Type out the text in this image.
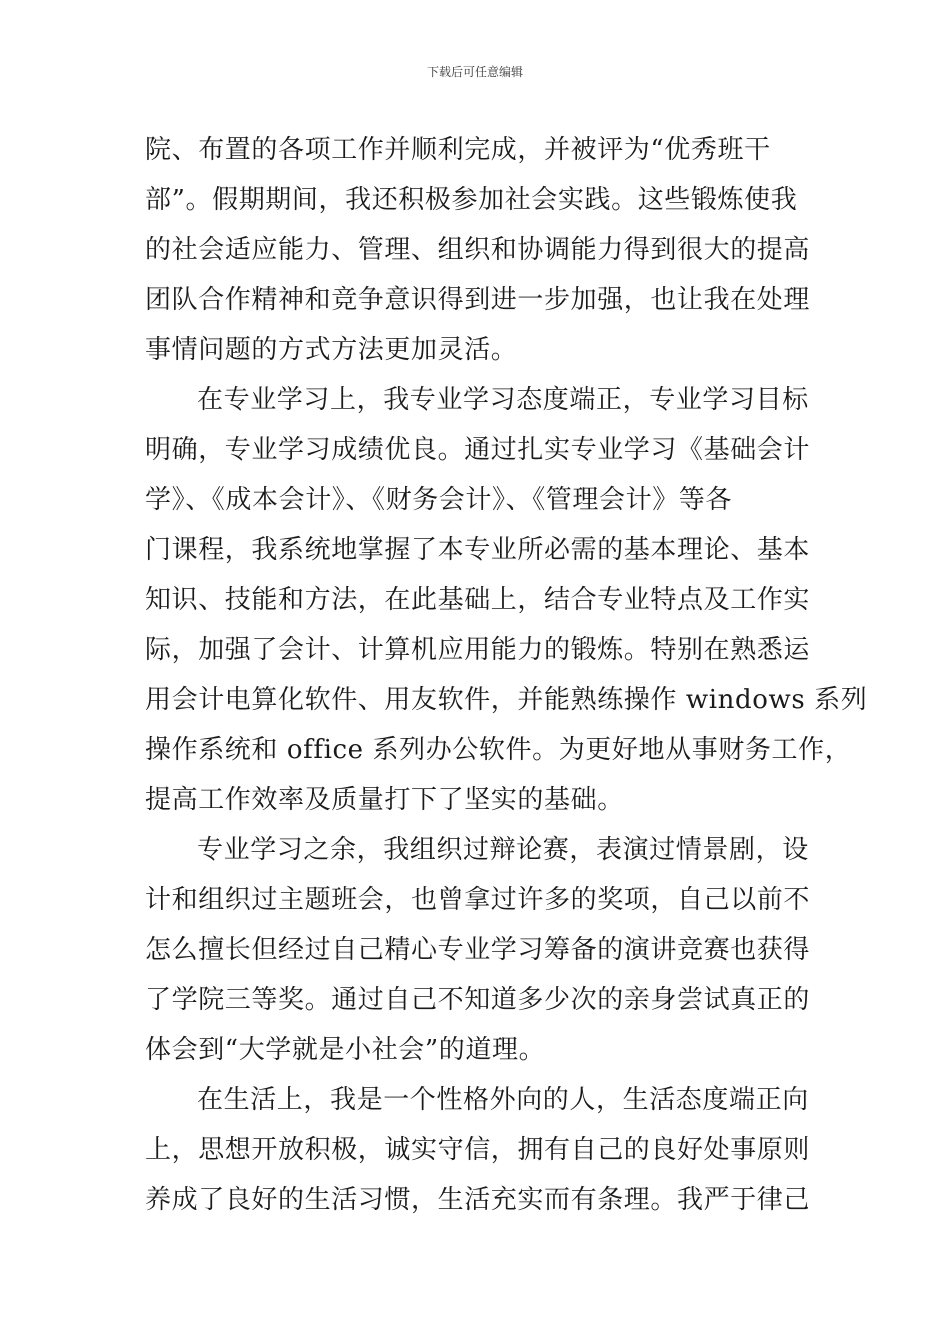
下载后可任意编辑
院、布置的各项工作并顺利完成，并被评为“优秀班干
部”。假期期间，我还积极参加社会实践。这些锻炼使我
的社会适应能力、管理、组织和协调能力得到很大的提高
团队合作精神和竞争意识得到进一步加强，也让我在处理
事情问题的方式方法更加灵活。
在专业学习上，我专业学习态度端正，专业学习目标
明确，专业学习成绩优良。通过扎实专业学习《基础会计
学》、《成本会计》、《财务会计》、《管理会计》等各
门课程，我系统地掌握了本专业所必需的基本理论、基本
知识、技能和方法，在此基础上，结合专业特点及工作实
际，加强了会计、计算机应用能力的锻炼。特别在熟悉运
用会计电算化软件、用友软件，并能熟练操作 windows 系列
操作系统和 office 系列办公软件。为更好地从事财务工作，
提高工作效率及质量打下了坚实的基础。
专业学习之余，我组织过辩论赛，表演过情景剧，设
计和组织过主题班会，也曾拿过许多的奖项，自己以前不
怎么擅长但经过自己精心专业学习筹备的演讲竞赛也获得
了学院三等奖。通过自己不知道多少次的亲身尝试真正的
体会到“大学就是小社会”的道理。
在生活上，我是一个性格外向的人，生活态度端正向
上，思想开放积极，诚实守信，拥有自己的良好处事原则
养成了良好的生活习惯，生活充实而有条理。我严于律己
